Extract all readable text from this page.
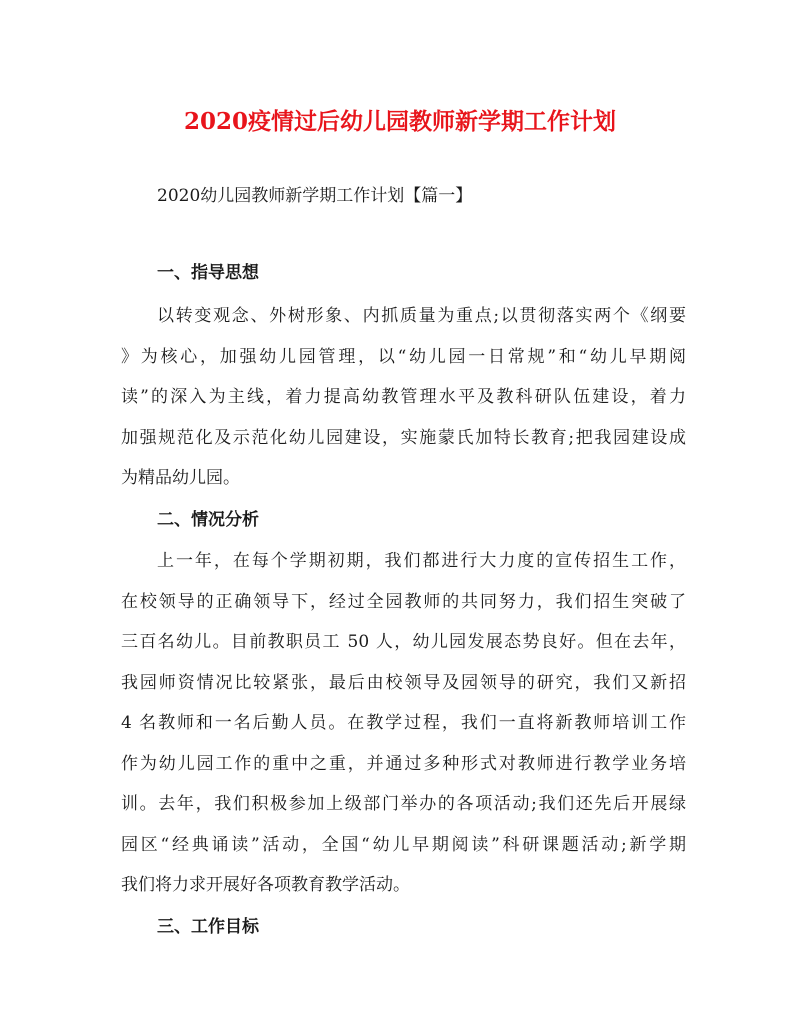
2020疫情过后幼儿园教师新学期工作计划

2020幼儿园教师新学期工作计划【篇一】

一、指导思想
以转变观念、外树形象、内抓质量为重点;以贯彻落实两个《纲要
》为核心，加强幼儿园管理，以“幼儿园一日常规”和“幼儿早期阅
读”的深入为主线，着力提高幼教管理水平及教科研队伍建设，着力
加强规范化及示范化幼儿园建设，实施蒙氏加特长教育;把我园建设成
为精品幼儿园。
二、情况分析
上一年，在每个学期初期，我们都进行大力度的宣传招生工作，
在校领导的正确领导下，经过全园教师的共同努力，我们招生突破了
三百名幼儿。目前教职员工 50 人，幼儿园发展态势良好。但在去年，
我园师资情况比较紧张，最后由校领导及园领导的研究，我们又新招
4 名教师和一名后勤人员。在教学过程，我们一直将新教师培训工作
作为幼儿园工作的重中之重，并通过多种形式对教师进行教学业务培
训。去年，我们积极参加上级部门举办的各项活动;我们还先后开展绿
园区“经典诵读”活动，全国“幼儿早期阅读”科研课题活动;新学期
我们将力求开展好各项教育教学活动。
三、工作目标
